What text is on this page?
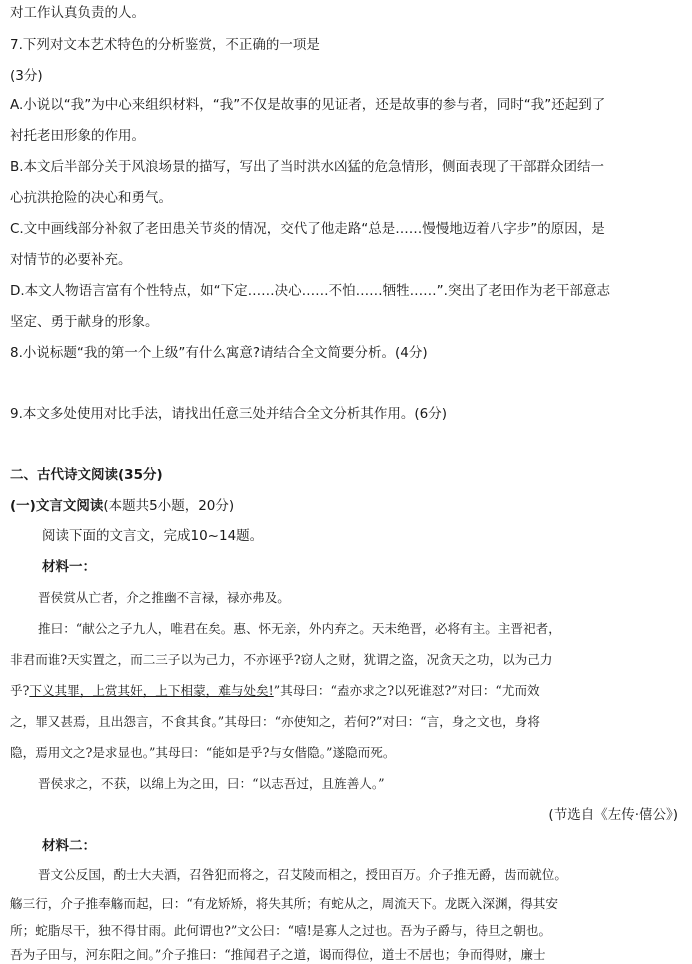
对工作认真负责的人。
7.下列对文本艺术特色的分析鉴赏，不正确的一项是
(3分)
A.小说以“我”为中心来组织材料，“我”不仅是故事的见证者，还是故事的参与者，同时“我”还起到了
衬托老田形象的作用。
B.本文后半部分关于风浪场景的描写，写出了当时洪水凶猛的危急情形，侧面表现了干部群众团结一
心抗洪抢险的决心和勇气。
C.文中画线部分补叙了老田患关节炎的情况，交代了他走路“总是……慢慢地迈着八字步”的原因，是
对情节的必要补充。
D.本文人物语言富有个性特点，如“下定……决心……不怕……牺牲……”.突出了老田作为老干部意志
坚定、勇于献身的形象。
8.小说标题“我的第一个上级”有什么寓意?请结合全文简要分析。(4分)
9.本文多处使用对比手法，请找出任意三处并结合全文分析其作用。(6分)
二、古代诗文阅读(35分)
(一)文言文阅读(本题共5小题，20分)
阅读下面的文言文，完成10~14题。
材料一：
晋侯赏从亡者，介之推幽不言禄，禄亦弗及。
推曰：“献公之子九人，唯君在矣。惠、怀无亲，外内弃之。天未绝晋，必将有主。主晋祀者，
非君而谁?天实置之，而二三子以为己力，不亦诬乎?窃人之财，犹谓之盗，况贪天之功，以为己力
乎?下义其罪，上赏其奸，上下相蒙，难与处矣!”其母曰：“盍亦求之?以死谁怼?”对曰：“尤而效
之，罪又甚焉，且出怨言，不食其食。”其母曰：“亦使知之，若何?”对曰：“言，身之文也，身将
隐，焉用文之?是求显也。”其母曰：“能如是乎?与女偕隐。”遂隐而死。
晋侯求之，不获，以绵上为之田，曰：“以志吾过，且旌善人。”
(节选自《左传·僖公》)
材料二：
晋文公反国，酌士大夫酒，召咎犯而将之，召艾陵而相之，授田百万。介子推无爵，齿而就位。
觞三行，介子推奉觞而起，曰：“有龙矫矫，将失其所；有蛇从之，周流天下。龙既入深渊，得其安
所；蛇脂尽干，独不得甘雨。此何谓也?”文公曰：“嘻!是寡人之过也。吾为子爵与，待旦之朝也。
吾为子田与，河东阳之间。”介子推曰：“推闻君子之道，谒而得位，道士不居也；争而得财，廉士
